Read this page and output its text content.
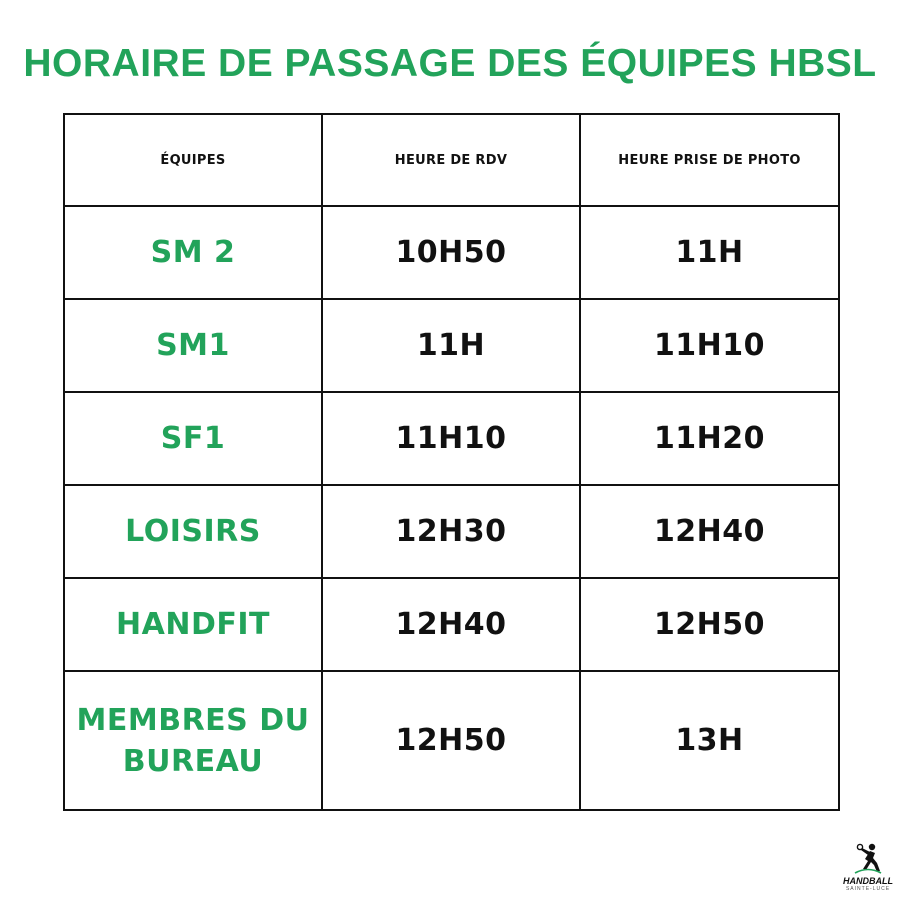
HORAIRE DE PASSAGE DES ÉQUIPES HBSL
ÉQUIPES	HEURE DE RDV	HEURE PRISE DE PHOTO
SM 2	10H50	11H
SM1	11H	11H10
SF1	11H10	11H20
LOISIRS	12H30	12H40
HANDFIT	12H40	12H50
MEMBRES DU BUREAU	12H50	13H
HANDBALL
SAINTE-LUCE
